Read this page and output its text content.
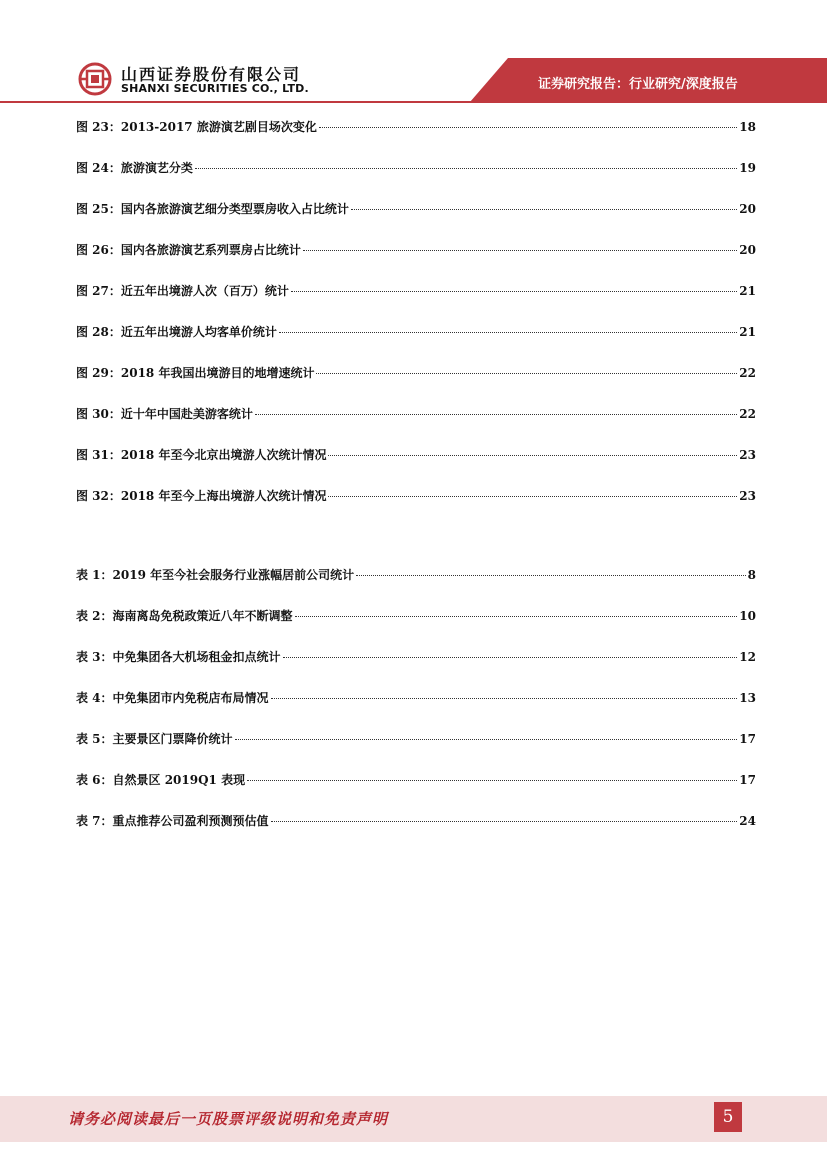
山西证券股份有限公司
SHANXI SECURITIES CO., LTD.	证券研究报告：行业研究/深度报告
图 23：2013-2017 旅游演艺剧目场次变化	18
图 24：旅游演艺分类	19
图 25：国内各旅游演艺细分类型票房收入占比统计	20
图 26：国内各旅游演艺系列票房占比统计	20
图 27：近五年出境游人次（百万）统计	21
图 28：近五年出境游人均客单价统计	21
图 29：2018 年我国出境游目的地增速统计	22
图 30：近十年中国赴美游客统计	22
图 31：2018 年至今北京出境游人次统计情况	23
图 32：2018 年至今上海出境游人次统计情况	23
表 1：2019 年至今社会服务行业涨幅居前公司统计	8
表 2：海南离岛免税政策近八年不断调整	10
表 3：中免集团各大机场租金扣点统计	12
表 4：中免集团市内免税店布局情况	13
表 5：主要景区门票降价统计	17
表 6：自然景区 2019Q1 表现	17
表 7：重点推荐公司盈利预测预估值	24
请务必阅读最后一页股票评级说明和免责声明	5
